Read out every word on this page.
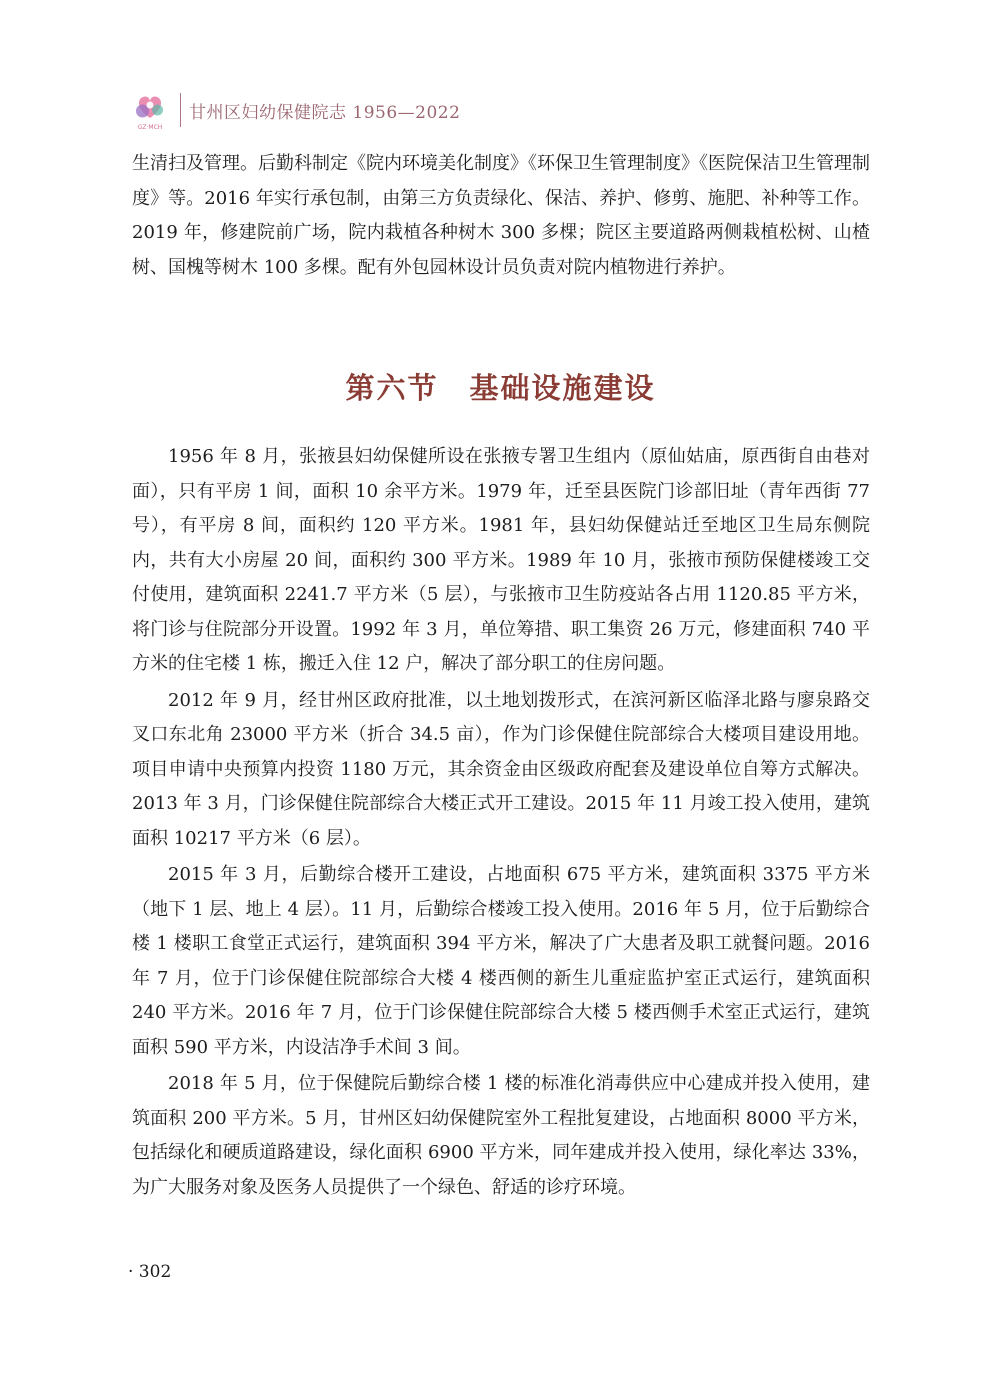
GZ·MCH
甘州区妇幼保健院志 1956—2022

生清扫及管理。后勤科制定《院内环境美化制度》《环保卫生管理制度》《医院保洁卫生管理制度》等。2016 年实行承包制，由第三方负责绿化、保洁、养护、修剪、施肥、补种等工作。2019 年，修建院前广场，院内栽植各种树木 300 多棵；院区主要道路两侧栽植松树、山楂树、国槐等树木 100 多棵。配有外包园林设计员负责对院内植物进行养护。

第六节　基础设施建设

1956 年 8 月，张掖县妇幼保健所设在张掖专署卫生组内（原仙姑庙，原西街自由巷对面），只有平房 1 间，面积 10 余平方米。1979 年，迁至县医院门诊部旧址（青年西街 77 号），有平房 8 间，面积约 120 平方米。1981 年，县妇幼保健站迁至地区卫生局东侧院内，共有大小房屋 20 间，面积约 300 平方米。1989 年 10 月，张掖市预防保健楼竣工交付使用，建筑面积 2241.7 平方米（5 层），与张掖市卫生防疫站各占用 1120.85 平方米，将门诊与住院部分开设置。1992 年 3 月，单位筹措、职工集资 26 万元，修建面积 740 平方米的住宅楼 1 栋，搬迁入住 12 户，解决了部分职工的住房问题。

2012 年 9 月，经甘州区政府批准，以土地划拨形式，在滨河新区临泽北路与廖泉路交叉口东北角 23000 平方米（折合 34.5 亩），作为门诊保健住院部综合大楼项目建设用地。项目申请中央预算内投资 1180 万元，其余资金由区级政府配套及建设单位自筹方式解决。2013 年 3 月，门诊保健住院部综合大楼正式开工建设。2015 年 11 月竣工投入使用，建筑面积 10217 平方米（6 层）。

2015 年 3 月，后勤综合楼开工建设，占地面积 675 平方米，建筑面积 3375 平方米（地下 1 层、地上 4 层）。11 月，后勤综合楼竣工投入使用。2016 年 5 月，位于后勤综合楼 1 楼职工食堂正式运行，建筑面积 394 平方米，解决了广大患者及职工就餐问题。2016 年 7 月，位于门诊保健住院部综合大楼 4 楼西侧的新生儿重症监护室正式运行，建筑面积 240 平方米。2016 年 7 月，位于门诊保健住院部综合大楼 5 楼西侧手术室正式运行，建筑面积 590 平方米，内设洁净手术间 3 间。

2018 年 5 月，位于保健院后勤综合楼 1 楼的标准化消毒供应中心建成并投入使用，建筑面积 200 平方米。5 月，甘州区妇幼保健院室外工程批复建设，占地面积 8000 平方米，包括绿化和硬质道路建设，绿化面积 6900 平方米，同年建成并投入使用，绿化率达 33%，为广大服务对象及医务人员提供了一个绿色、舒适的诊疗环境。

· 302
